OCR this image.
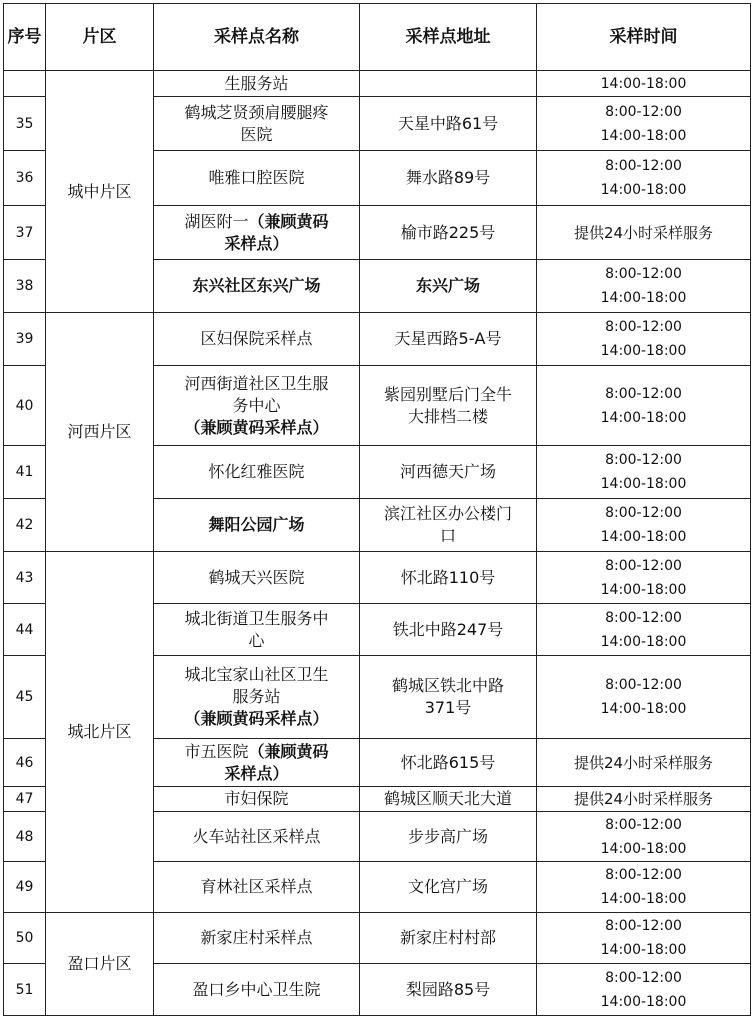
序号	片区	采样点名称	采样点地址	采样时间
	城中片区	生服务站		14:00-18:00

35		鹤城芝贤颈肩腰腿疼
医院	天星中路61号	8:00-12:00
14:00-18:00

36		唯雅口腔医院	舞水路89号	8:00-12:00
14:00-18:00

37		湖医附一（兼顾黄码
采样点）	榆市路225号	提供24小时采样服务

38		东兴社区东兴广场	东兴广场	8:00-12:00
14:00-18:00

39	河西片区	区妇保院采样点	天星西路5-A号	8:00-12:00
14:00-18:00

40		河西街道社区卫生服
务中心
（兼顾黄码采样点）	紫园别墅后门全牛
大排档二楼	8:00-12:00
14:00-18:00

41		怀化红雅医院	河西德天广场	8:00-12:00
14:00-18:00

42		舞阳公园广场	滨江社区办公楼门
口	8:00-12:00
14:00-18:00

43	城北片区	鹤城天兴医院	怀北路110号	8:00-12:00
14:00-18:00

44		城北街道卫生服务中
心	铁北中路247号	8:00-12:00
14:00-18:00

45		城北宝家山社区卫生
服务站
（兼顾黄码采样点）	鹤城区铁北中路
371号	8:00-12:00
14:00-18:00

46		市五医院（兼顾黄码
采样点）	怀北路615号	提供24小时采样服务

47		市妇保院	鹤城区顺天北大道	提供24小时采样服务

48		火车站社区采样点	步步高广场	8:00-12:00
14:00-18:00

49		育林社区采样点	文化宫广场	8:00-12:00
14:00-18:00

50	盈口片区	新家庄村采样点	新家庄村村部	8:00-12:00
14:00-18:00

51		盈口乡中心卫生院	梨园路85号	8:00-12:00
14:00-18:00
